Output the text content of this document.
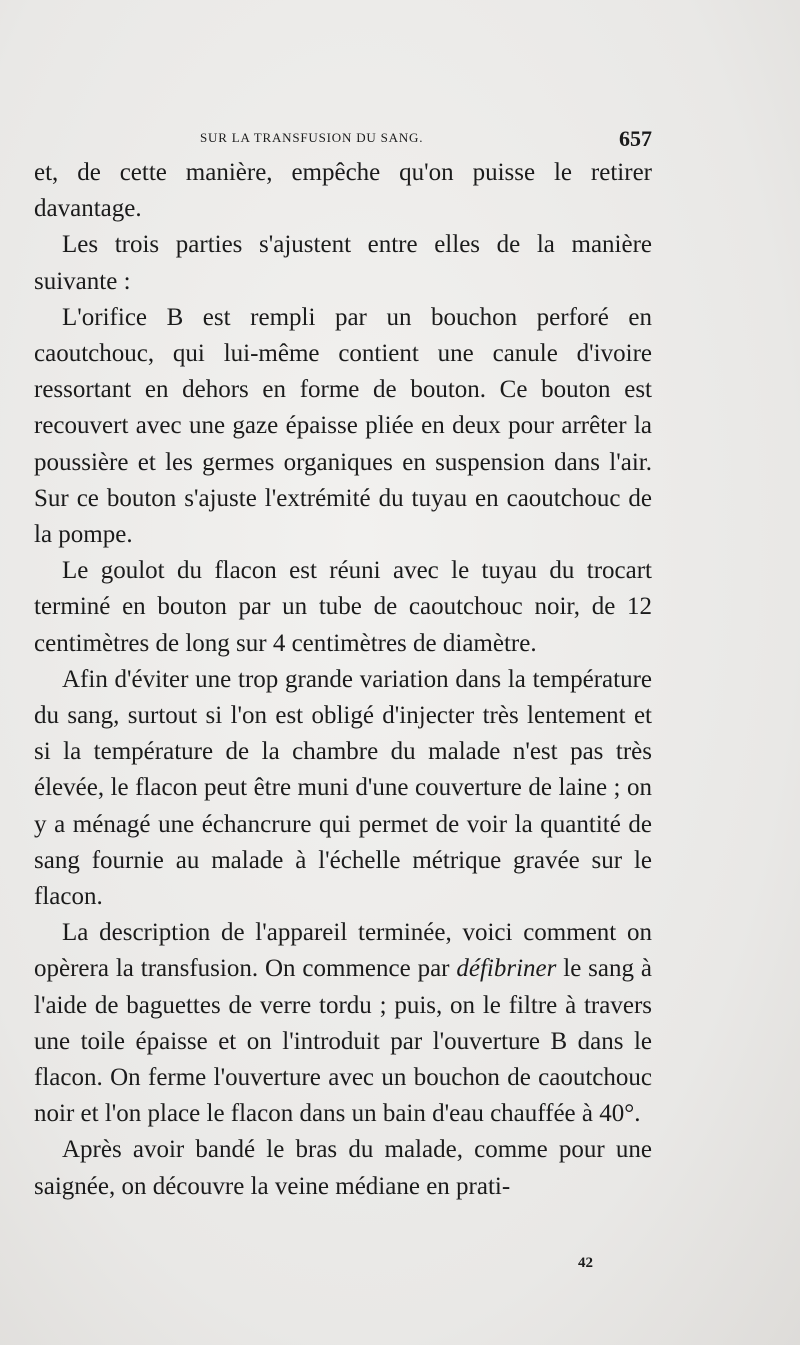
SUR LA TRANSFUSION DU SANG.	657

et, de cette manière, empêche qu'on puisse le retirer davantage.

Les trois parties s'ajustent entre elles de la manière suivante :

L'orifice B est rempli par un bouchon perforé en caoutchouc, qui lui-même contient une canule d'ivoire ressortant en dehors en forme de bouton. Ce bouton est recouvert avec une gaze épaisse pliée en deux pour arrêter la poussière et les germes organiques en suspension dans l'air. Sur ce bouton s'ajuste l'extrémité du tuyau en caoutchouc de la pompe.

Le goulot du flacon est réuni avec le tuyau du trocart terminé en bouton par un tube de caoutchouc noir, de 12 centimètres de long sur 4 centimètres de diamètre.

Afin d'éviter une trop grande variation dans la température du sang, surtout si l'on est obligé d'injecter très lentement et si la température de la chambre du malade n'est pas très élevée, le flacon peut être muni d'une couverture de laine ; on y a ménagé une échancrure qui permet de voir la quantité de sang fournie au malade à l'échelle métrique gravée sur le flacon.

La description de l'appareil terminée, voici comment on opèrera la transfusion. On commence par défibriner le sang à l'aide de baguettes de verre tordu ; puis, on le filtre à travers une toile épaisse et on l'introduit par l'ouverture B dans le flacon. On ferme l'ouverture avec un bouchon de caoutchouc noir et l'on place le flacon dans un bain d'eau chauffée à 40°.

Après avoir bandé le bras du malade, comme pour une saignée, on découvre la veine médiane en prati-

42
